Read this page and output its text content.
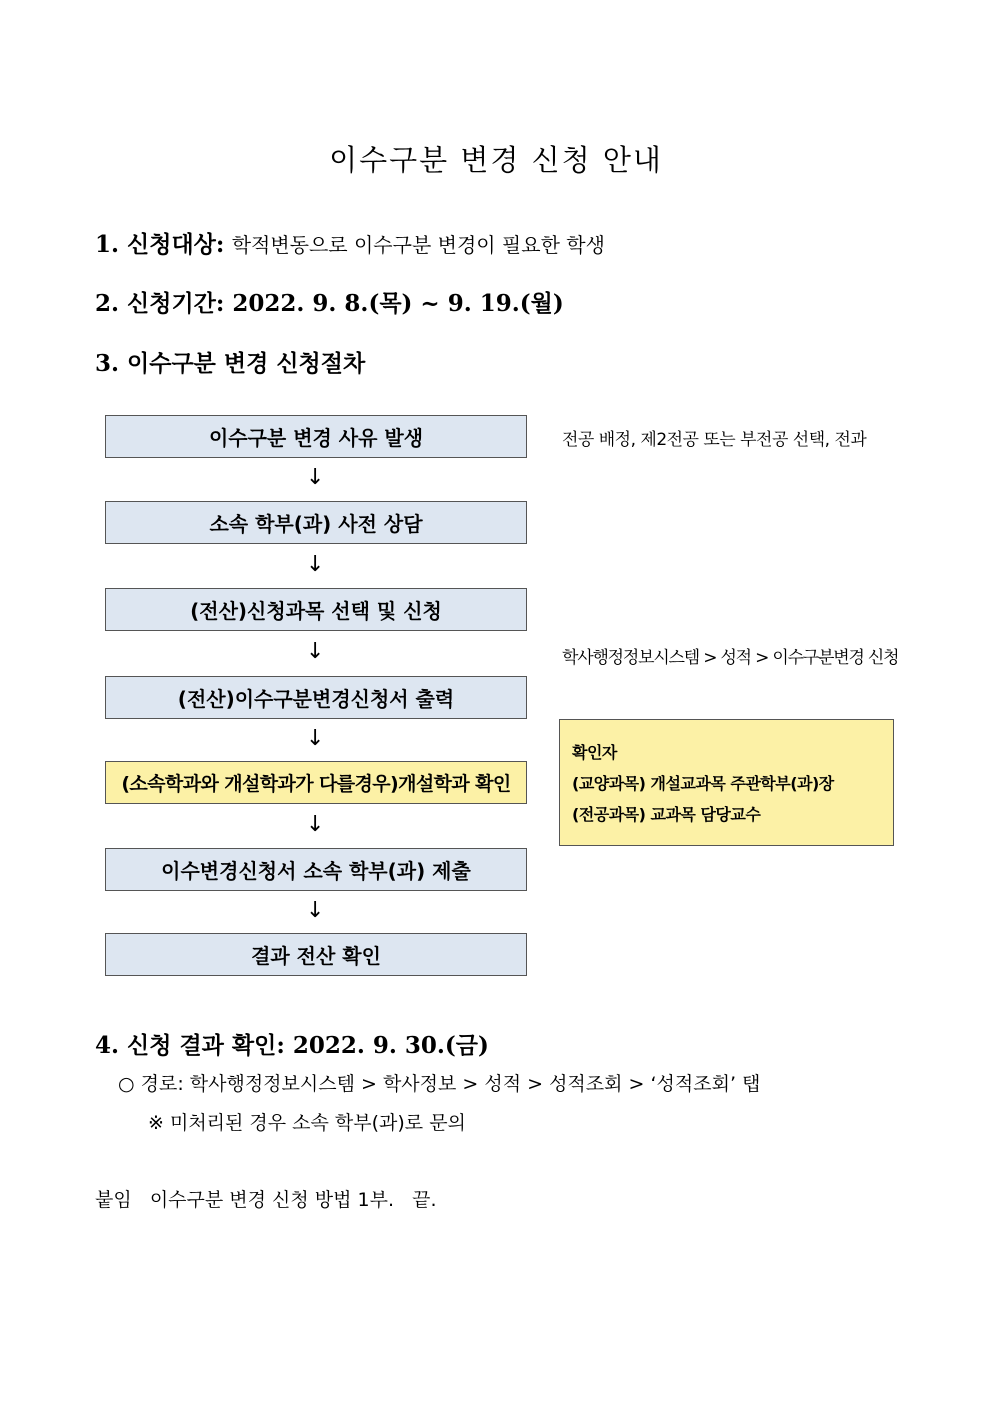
이수구분 변경 신청 안내
1. 신청대상: 학적변동으로 이수구분 변경이 필요한 학생
2. 신청기간: 2022. 9. 8.(목) ~ 9. 19.(월)
3. 이수구분 변경 신청절차
이수구분 변경 사유 발생
↓
소속 학부(과) 사전 상담
↓
(전산)신청과목 선택 및 신청
↓
(전산)이수구분변경신청서 출력
↓
(소속학과와 개설학과가 다를경우)개설학과 확인
↓
이수변경신청서 소속 학부(과) 제출
↓
결과 전산 확인
전공 배정, 제2전공 또는 부전공 선택, 전과
학사행정정보시스템 > 성적 > 이수구분변경 신청
확인자
(교양과목) 개설교과목 주관학부(과)장
(전공과목) 교과목 담당교수
4. 신청 결과 확인: 2022. 9. 30.(금)
○ 경로: 학사행정정보시스템 > 학사정보 > 성적 > 성적조회 > ‘성적조회’ 탭
※ 미처리된 경우 소속 학부(과)로 문의
붙임   이수구분 변경 신청 방법 1부.   끝.
